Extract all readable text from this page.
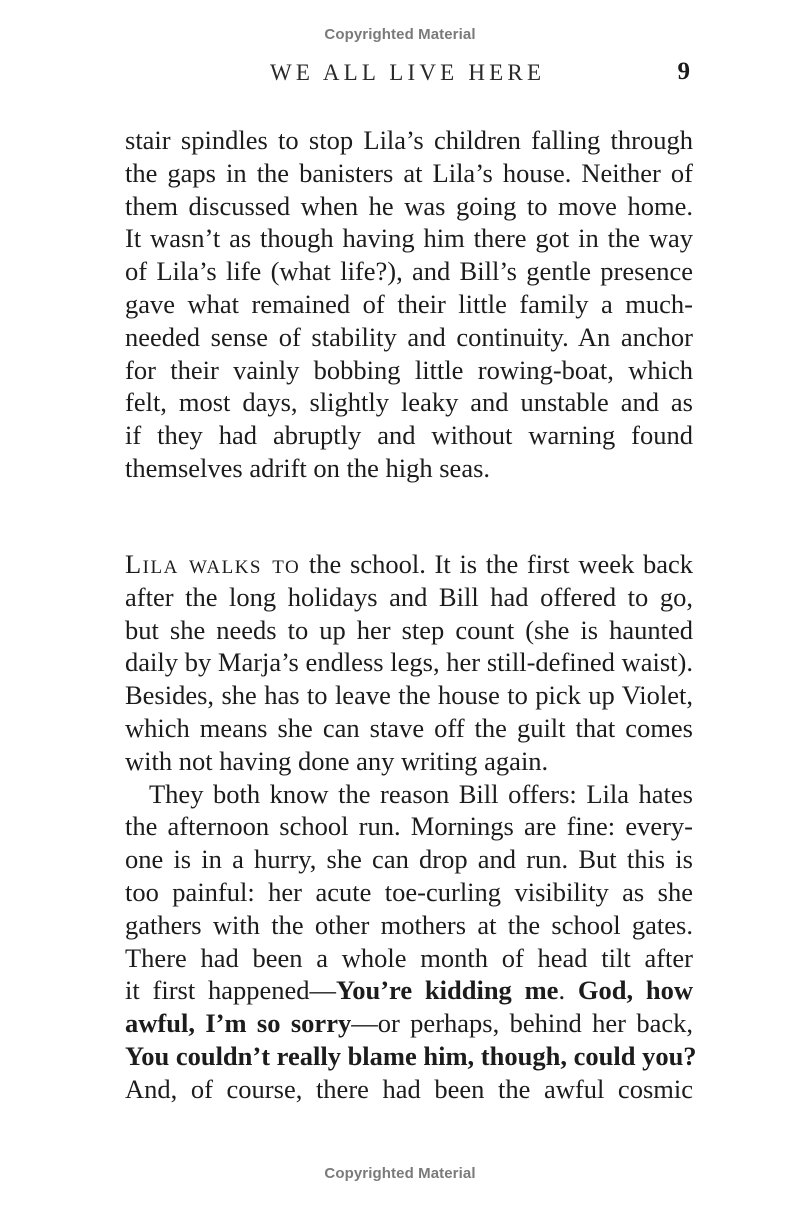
Copyrighted Material
WE ALL LIVE HERE	9
stair spindles to stop Lila’s children falling through
the gaps in the banisters at Lila’s house. Neither of
them discussed when he was going to move home.
It wasn’t as though having him there got in the way
of Lila’s life (what life?), and Bill’s gentle presence
gave what remained of their little family a much-
needed sense of stability and continuity. An anchor
for their vainly bobbing little rowing-boat, which
felt, most days, slightly leaky and unstable and as
if they had abruptly and without warning found
themselves adrift on the high seas.
Lila walks to the school. It is the first week back
after the long holidays and Bill had offered to go,
but she needs to up her step count (she is haunted
daily by Marja’s endless legs, her still-defined waist).
Besides, she has to leave the house to pick up Violet,
which means she can stave off the guilt that comes
with not having done any writing again.
They both know the reason Bill offers: Lila hates
the afternoon school run. Mornings are fine: every-
one is in a hurry, she can drop and run. But this is
too painful: her acute toe-curling visibility as she
gathers with the other mothers at the school gates.
There had been a whole month of head tilt after
it first happened—You’re kidding me. God, how
awful, I’m so sorry—or perhaps, behind her back,
You couldn’t really blame him, though, could you?
And, of course, there had been the awful cosmic
Copyrighted Material
